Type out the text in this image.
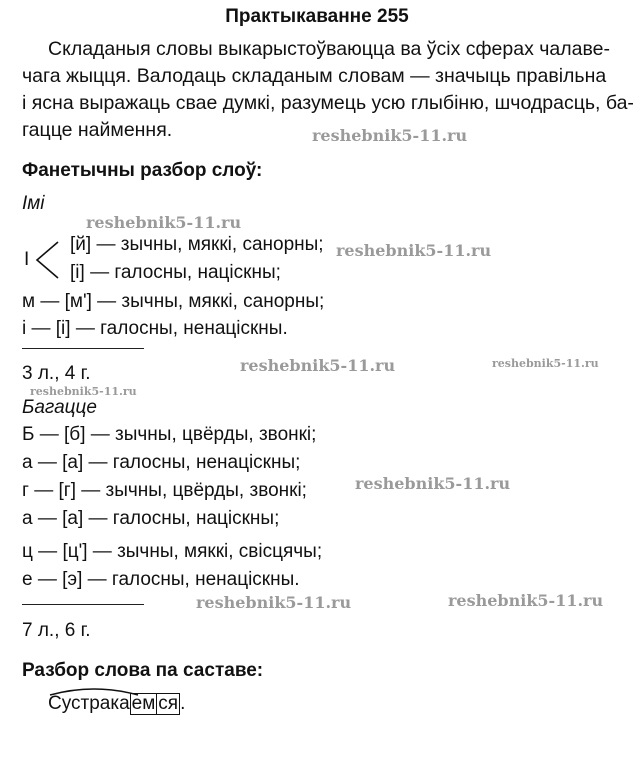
Практыкаванне 255
Складаныя словы выкарыстоўваюцца ва ўсіх сферах чалаве-
чага жыцця. Валодаць складаным словам — значыць правільна
і ясна выражаць свае думкі, разумець усю глыбіню, шчодрасць, ба-
гацце наймення.	reshebnik5-11.ru
Фанетычны разбор слоў:
Імі
reshebnik5-11.ru
reshebnik5-11.ru
І
[й] — зычны, мяккі, санорны;
[і] — галосны, націскны;
м — [м'] — зычны, мяккі, санорны;
і — [і] — галосны, ненаціскны.
3 л., 4 г.	reshebnik5-11.ru	reshebnik5-11.ru
reshebnik5-11.ru
Багацце
Б — [б] — зычны, цвёрды, звонкі;
а — [а] — галосны, ненаціскны;
г — [г] — зычны, цвёрды, звонкі;	reshebnik5-11.ru
а — [а] — галосны, націскны;
ц — [ц'] — зычны, мяккі, свісцячы;
е — [э] — галосны, ненаціскны.
reshebnik5-11.ru	reshebnik5-11.ru
7 л., 6 г.
Разбор слова па саставе:
Сустрака ем ся .
